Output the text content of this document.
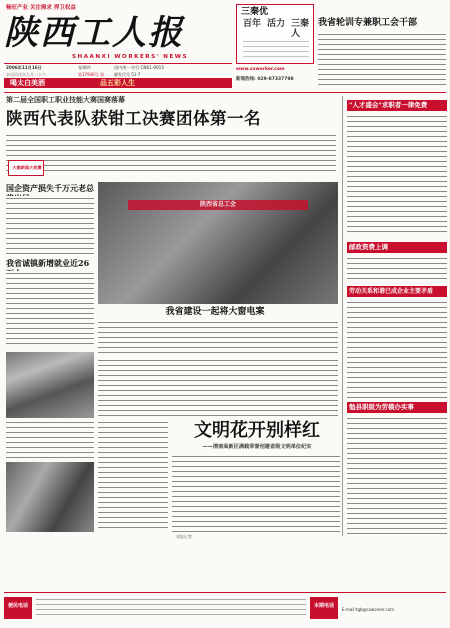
畅旺产业 关注需求 捍卫权益
陕西工人报
SHAANXI WORKERS' NEWS
2006年11月16日	星期四	国内统一刊号 CN61-0015
农历丙戌年九月二十六	第17946号 第	邮发代号 51-7
三秦优
百年 活力 三秦人
www.sxworker.com
新闻热线: 029-87337798
喝太白美酒	品五彩人生
我省轮训专兼职工会干部
第二届全国职工职业技能大赛国赛落幕
陕西代表队获钳工决赛团体第一名
大秦新闻大奖赛
国企资产损失千万元老总
我省诚镇新增就业近26
陕西省总工会
我省建设一起将大窗电案
"人才盛会"求职者一律免费
邮政资费上调
劳动关系和谐已成企业主要矛盾
勉县职级为劳模办实事
文明花开别样红
——渭南高新区满载荣誉创建省级文明单位纪实
本报记者
便民电话	本期电话
E-mail:tgb@sxworker.com
